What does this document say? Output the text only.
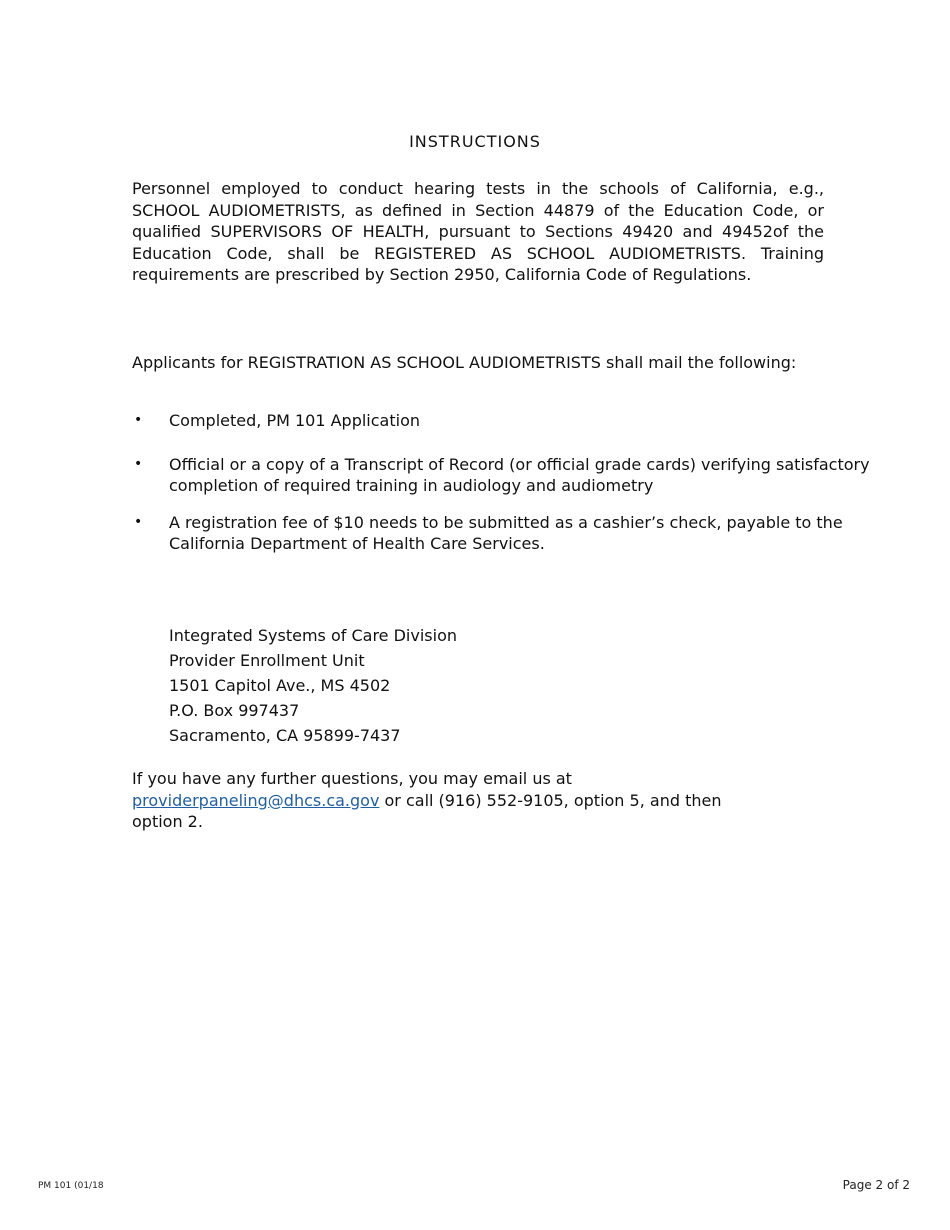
INSTRUCTIONS

Personnel employed to conduct hearing tests in the schools of California, e.g., SCHOOL AUDIOMETRISTS, as defined in Section 44879 of the Education Code, or qualified SUPERVISORS OF HEALTH, pursuant to Sections 49420 and 49452of the Education Code, shall be REGISTERED AS SCHOOL AUDIOMETRISTS. Training requirements are prescribed by Section 2950, California Code of Regulations.

Applicants for REGISTRATION AS SCHOOL AUDIOMETRISTS shall mail the following:

• Completed, PM 101 Application
• Official or a copy of a Transcript of Record (or official grade cards) verifying satisfactory completion of required training in audiology and audiometry
• A registration fee of $10 needs to be submitted as a cashier’s check, payable to the California Department of Health Care Services.
Integrated Systems of Care Division
Provider Enrollment Unit
1501 Capitol Ave., MS 4502
P.O. Box 997437
Sacramento, CA 95899-7437
If you have any further questions, you may email us at
providerpaneling@dhcs.ca.gov or call (916) 552-9105, option 5, and then option 2.
PM 101 (01/18	Page 2 of 2
